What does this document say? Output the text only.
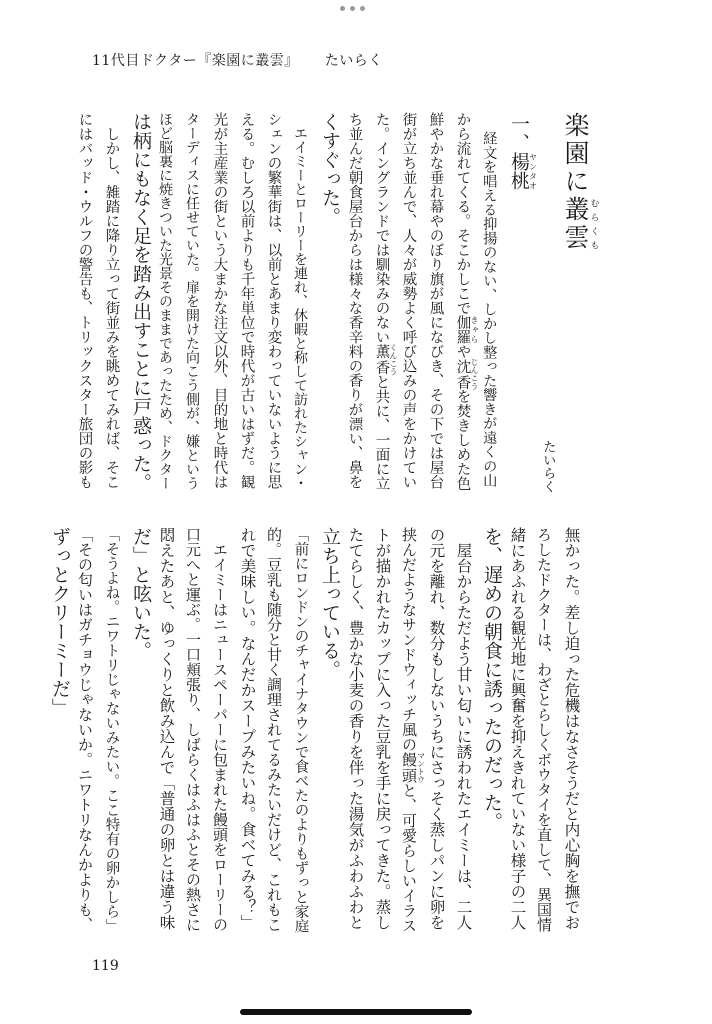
11代目ドクター『楽園に叢雲』 たいらく
楽園に叢雲むらくも
たいらく
一、楊ヤン桃タオ
経文を唱える抑揚のない、しかし整った響きが遠くの山
から流れてくる。そこかしこで伽羅 きゃらや沈香 じんこうを焚きしめた色
鮮やかな垂れ幕やのぼり旗が風になびき、その下では屋台
街が立ち並んで、人々が威勢よく呼び込みの声をかけてい
た。イングランドでは馴染みのない薫香 くんこうと共に、一面に立
ち並んだ朝食屋台からは様々な香辛料の香りが漂い、鼻を
くすぐった。
　エイミーとローリーを連れ、休暇と称して訪れたシャン・
シェンの繁華街は、以前とあまり変わっていないように思
える。むしろ以前よりも千年単位で時代が古いはずだ。観
光が主産業の街という大まかな注文以外、目的地と時代は
ターディスに任せていた。扉を開けた向こう側が、嫌という
ほど脳裏に焼きついた光景そのままであったため、ドクター
は柄にもなく足を踏み出すことに戸惑った。
　しかし、雑踏に降り立って街並みを眺めてみれば、そこ
にはバッド・ウルフの警告も、トリックスター旅団の影も
無かった。差し迫った危機はなさそうだと内心胸を撫でお
ろしたドクターは、わざとらしくボウタイを直して、異国情
緒にあふれる観光地に興奮を抑えきれていない様子の二人
を、遅めの朝食に誘ったのだった。
　屋台からただよう甘い匂いに誘われたエイミーは、二人
の元を離れ、数分もしないうちにさっそく蒸しパンに卵を
挟んだようなサンドウィッチ風の饅頭マントウと、可愛らしいイラス
トが描かれたカップに入った豆乳を手に戻ってきた。蒸し
たてらしく、豊かな小麦の香りを伴った湯気がふわふわと
立ち上っている。
「前にロンドンのチャイナタウンで食べたのよりもずっと家庭
的。豆乳も随分と甘く調理されてるみたいだけど、これもこ
れで美味しい。なんだかスープみたいね。食べてみる？」
　エイミーはニュースペーパーに包まれた饅頭をローリーの
口元へと運ぶ。一口頬張り、しばらくはふはふとその熱さに
悶えたあと、ゆっくりと飲み込んで「普通の卵とは違う味
だ」と呟いた。
「そうよね。ニワトリじゃないみたい。ここ特有の卵かしら」
「その匂いはガチョウじゃないか。ニワトリなんかよりも、
ずっとクリーミーだ」
119
